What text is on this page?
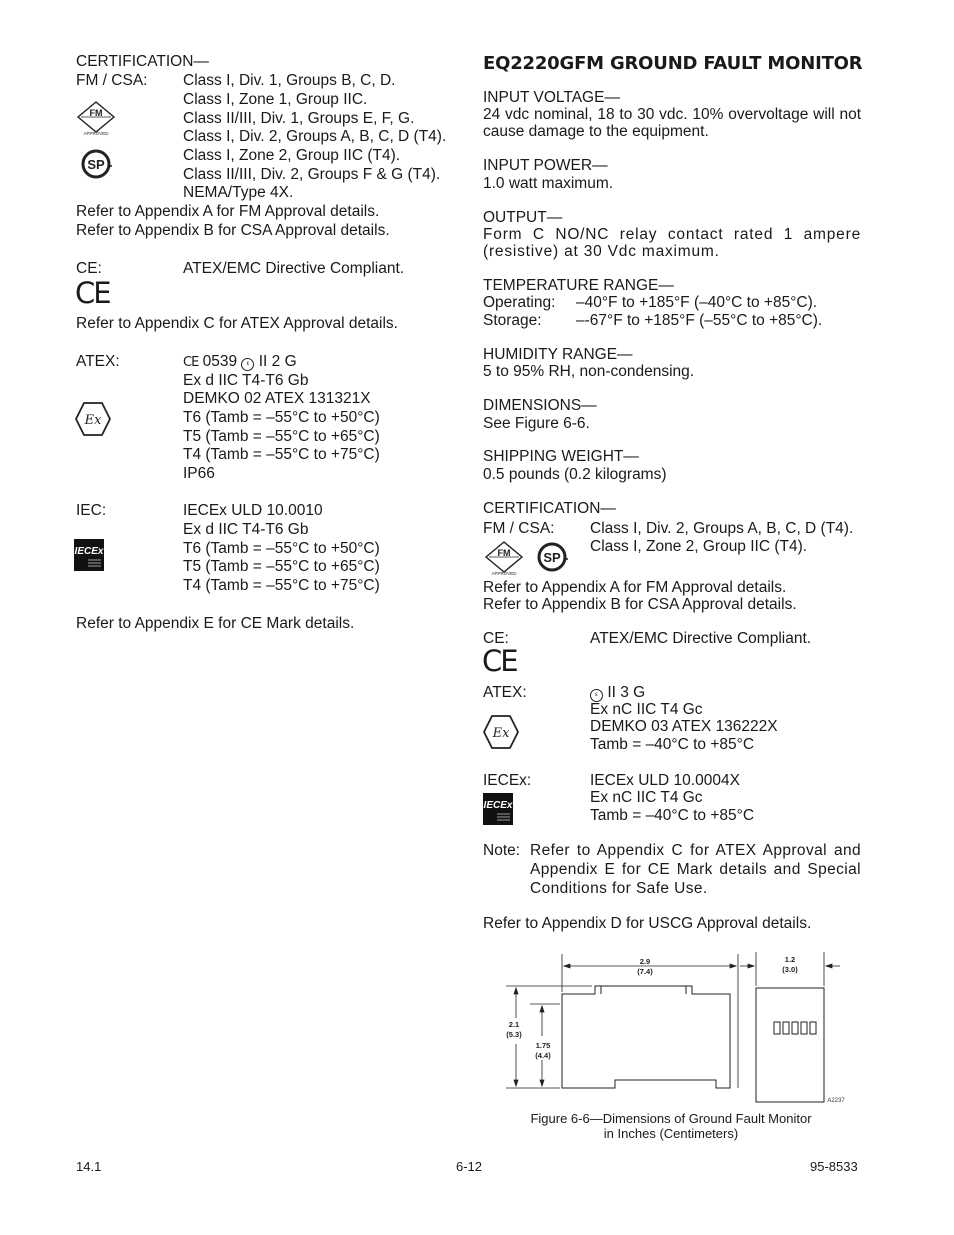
CERTIFICATION—
FM / CSA: Class I, Div. 1, Groups B, C, D.
Class I, Zone 1, Group IIC.
Class II/III, Div. 1, Groups E, F, G.
Class I, Div. 2, Groups A, B, C, D (T4).
Class I, Zone 2, Group IIC (T4).
Class II/III, Div. 2, Groups F & G (T4).
NEMA/Type 4X.
FM
APPROVED
SP
Refer to Appendix A for FM Approval details.
Refer to Appendix B for CSA Approval details.
CE:	ATEX/EMC Directive Compliant.
CE
Refer to Appendix C for ATEX Approval details.
ATEX:	CE 0539 ε II 2 G
Ex d IIC T4-T6 Gb
DEMKO 02 ATEX 131321X
T6 (Tamb = –55°C to +50°C)
T5 (Tamb = –55°C to +65°C)
T4 (Tamb = –55°C to +75°C)
IP66
Ex
IEC:	IECEx ULD 10.0010
Ex d IIC T4-T6 Gb
T6 (Tamb = –55°C to +50°C)
T5 (Tamb = –55°C to +65°C)
T4 (Tamb = –55°C to +75°C)
IECEx
Refer to Appendix E for CE Mark details.
EQ2220GFM GROUND FAULT MONITOR
INPUT VOLTAGE—
24 vdc nominal, 18 to 30 vdc. 10% overvoltage will not cause damage to the equipment.
INPUT POWER—
1.0 watt maximum.
OUTPUT—
Form C NO/NC relay contact rated 1 ampere (resistive) at 30 Vdc maximum.
TEMPERATURE RANGE—
Operating: –40°F to +185°F (–40°C to +85°C).
Storage: –-67°F to +185°F (–55°C to +85°C).
HUMIDITY RANGE—
5 to 95% RH, non-condensing.
DIMENSIONS—
See Figure 6-6.
SHIPPING WEIGHT—
0.5 pounds (0.2 kilograms)
CERTIFICATION—
FM / CSA: Class I, Div. 2, Groups A, B, C, D (T4).
Class I, Zone 2, Group IIC (T4).
FM
APPROVED
SP
Refer to Appendix A for FM Approval details.
Refer to Appendix B for CSA Approval details.
CE:	ATEX/EMC Directive Compliant.
CE
ATEX:	ε II 3 G
Ex nC IIC T4 Gc
DEMKO 03 ATEX 136222X
Tamb = –40°C to +85°C
Ex
IECEx:	IECEx ULD 10.0004X
Ex nC IIC T4 Gc
Tamb = –40°C to +85°C
IECEx
Note: Refer to Appendix C for ATEX Approval and Appendix E for CE Mark details and Special Conditions for Safe Use.
Refer to Appendix D for USCG Approval details.
2.9
(7.4)
2.1
(5.3)
1.75
(4.4)
1.2
(3.0)
A2237
Figure 6-6—Dimensions of Ground Fault Monitor
in Inches (Centimeters)
14.1	6-12	95-8533
